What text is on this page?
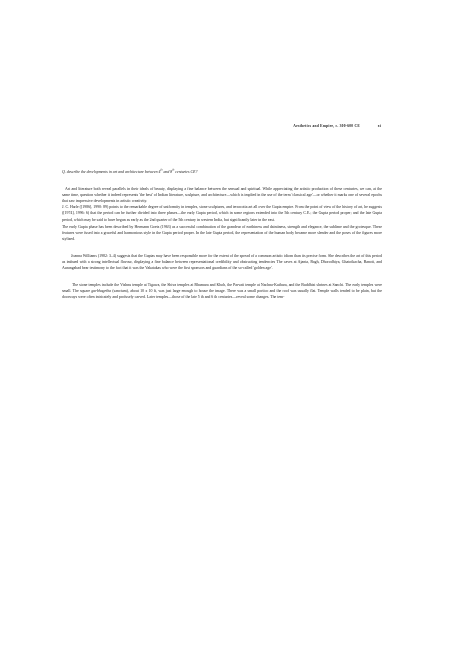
Aesthetics and Empire, c. 300-600 CE	xi

Q. describe the developments in art and architecture between 4th and 8th centuries CE?

Art and literature both reveal parallels in their ideals of beauty, displaying a fine balance between the sensual and spiritual. While appreciating the artistic production of these centuries, we can, at the same time, question whether it indeed represents 'the best' of Indian literature, sculpture, and architecture—which is implied in the use of the term 'classical age'—or whether it marks one of several epochs that saw impressive developments in artistic creativity.

J. C. Harle ([1986], 1990: 89) points to the remarkable degree of uniformity in temples, stone sculptures, and terracotta art all over the Gupta empire. From the point of view of the history of art, he suggests ([1974], 1996: 6) that the period can be further divided into three phases—the early Gupta period, which in some regions extended into the 5th century C.E.; the Gupta period proper; and the late Gupta period, which may be said to have begun as early as the 2nd quarter of the 5th century in western India, but significantly later in the east.

The early Gupta phase has been described by Hermann Goetz (1963) as a successful combination of the grandeur of earthiness and daintiness, strength and elegance, the sublime and the grotesque. These features were fused into a graceful and harmonious style in the Gupta period proper. In the late Gupta period, the representation of the human body became more slender and the poses of the figures more stylized.

Joanna Williams (1982: 3–4) suggests that the Guptas may have been responsible more for the extent of the spread of a common artistic idiom than its precise form. She describes the art of this period as imbued with a strong intellectual flavour, displaying a fine balance between representational credibility and obstructing tendencies The caves at Ajanta, Bagh, Dhorodhiya, Ghatotkacha, Banoti, and Aurangabad bear testimony to the fact that it was the Vakatakas who were the first sponsors and guardians of the so-called 'golden age'.

The stone temples include the Vishnu temple at Tigawa, the Shiva temples at Bhumara and Khoh, the Parvati temple at Nachna-Kuthara, and the Buddhist shrines at Sanchi. The early temples were small. The square garbhagriha (sanctum), about 10 x 10 ft, was just large enough to house the image. There was a small portico and the roof was usually flat. Temple walls tended to be plain, but the doorways were often intricately and profusely carved. Later temples—those of the late 5 th and 6 th centuries—reveal some changes. The tem-
